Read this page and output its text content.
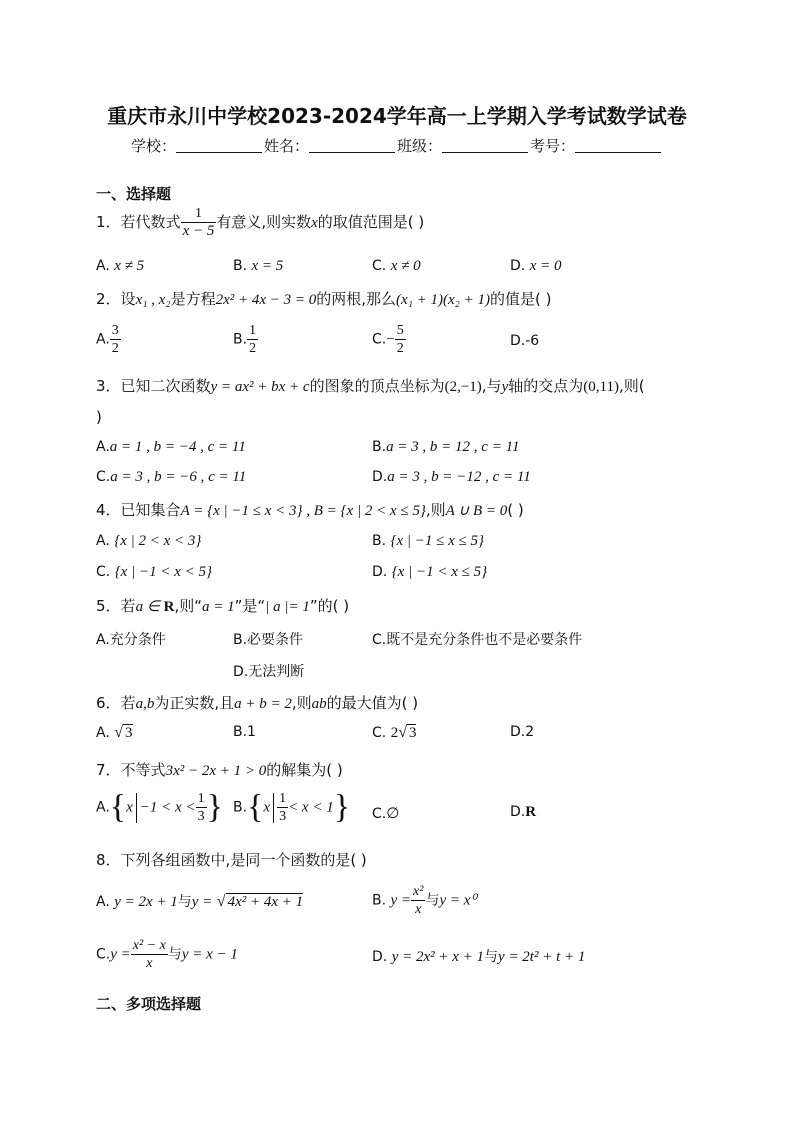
重庆市永川中学校2023-2024学年高一上学期入学考试数学试卷
学校：	姓名：	班级：	考号：
一、选择题
1．若代数式 $\frac{1}{x - 5}$ 有意义,则实数x的取值范围是( )
A. x ≠ 5	B. x = 5	C. x ≠ 0	D. x = 0
2．设x₁ , x₂是方程2x² + 4x − 3 = 0的两根,那么(x₁ + 1)(x₂ + 1)的值是( )
A. $\frac{3}{2}$	B. $\frac{1}{2}$	$C.- \frac{5}{2}$	D.-6
3．已知二次函数y = ax² + bx + c的图象的顶点坐标为(2,−1),与y轴的交点为(0,11),则(
)
A.a = 1 , b = −4 , c = 11	B.a = 3 , b = 12 , c = 11
C.a = 3 , b = −6 , c = 11	D.a = 3 , b = −12 , c = 11
4．已知集合A = {x | −1 ≤ x < 3} , B = {x | 2 < x ≤ 5},则A ∪ B = 0( )
A. {x | 2 < x < 3}	B. {x | −1 ≤ x ≤ 5}
C. {x | −1 < x < 5}	D. {x | −1 < x ≤ 5}
5．若a ∈ R,则“a = 1”是“| a |= 1”的( )
A.充分条件	B.必要条件	C.既不是充分条件也不是必要条件
D.无法判断
6．若a,b为正实数,且a + b = 2,则ab的最大值为( )
A. √ 3	B.1	C. 2√ 3	D.2
7．不等式3x² − 2x + 1 > 0的解集为( )
$A.\{x -1 < x < \frac{1}{3}$ } $B.\{x \frac{1}{3} < x < 1\}$ C.∅	D.R
8．下列各组函数中,是同一个函数的是( )
A. y = 2x + 1与y = √ 4x² + 4x + 1	B. $y = \frac{\text{x²}}{x}$ 与y = x⁰
$C.y = \frac{\text{x² − x}}{x}$ 与y = x − 1	D. y = 2x² + x + 1与y = 2t² + t + 1
二、多项选择题
